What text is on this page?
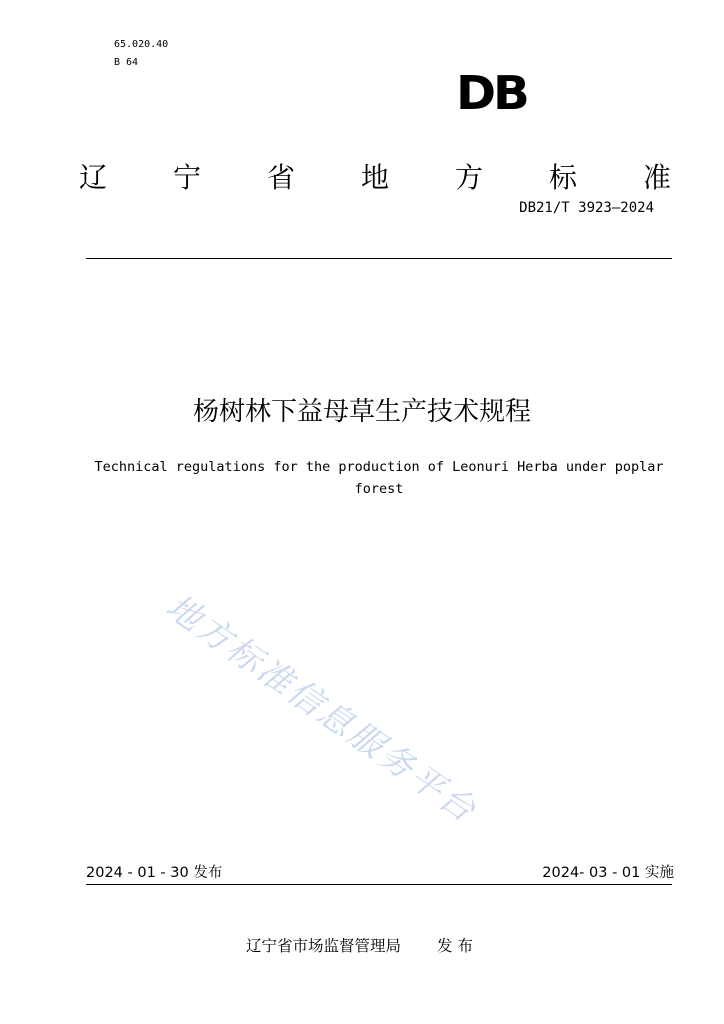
65.020.40
B 64
DB
辽 宁 省 地 方 标 准
DB21/T 3923—2024
杨树林下益母草生产技术规程
Technical regulations for the production of Leonuri Herba under poplar forest
地方标准信息服务平台
2024 - 01 - 30 发布	2024- 03 - 01 实施
辽宁省市场监督管理局 发 布
